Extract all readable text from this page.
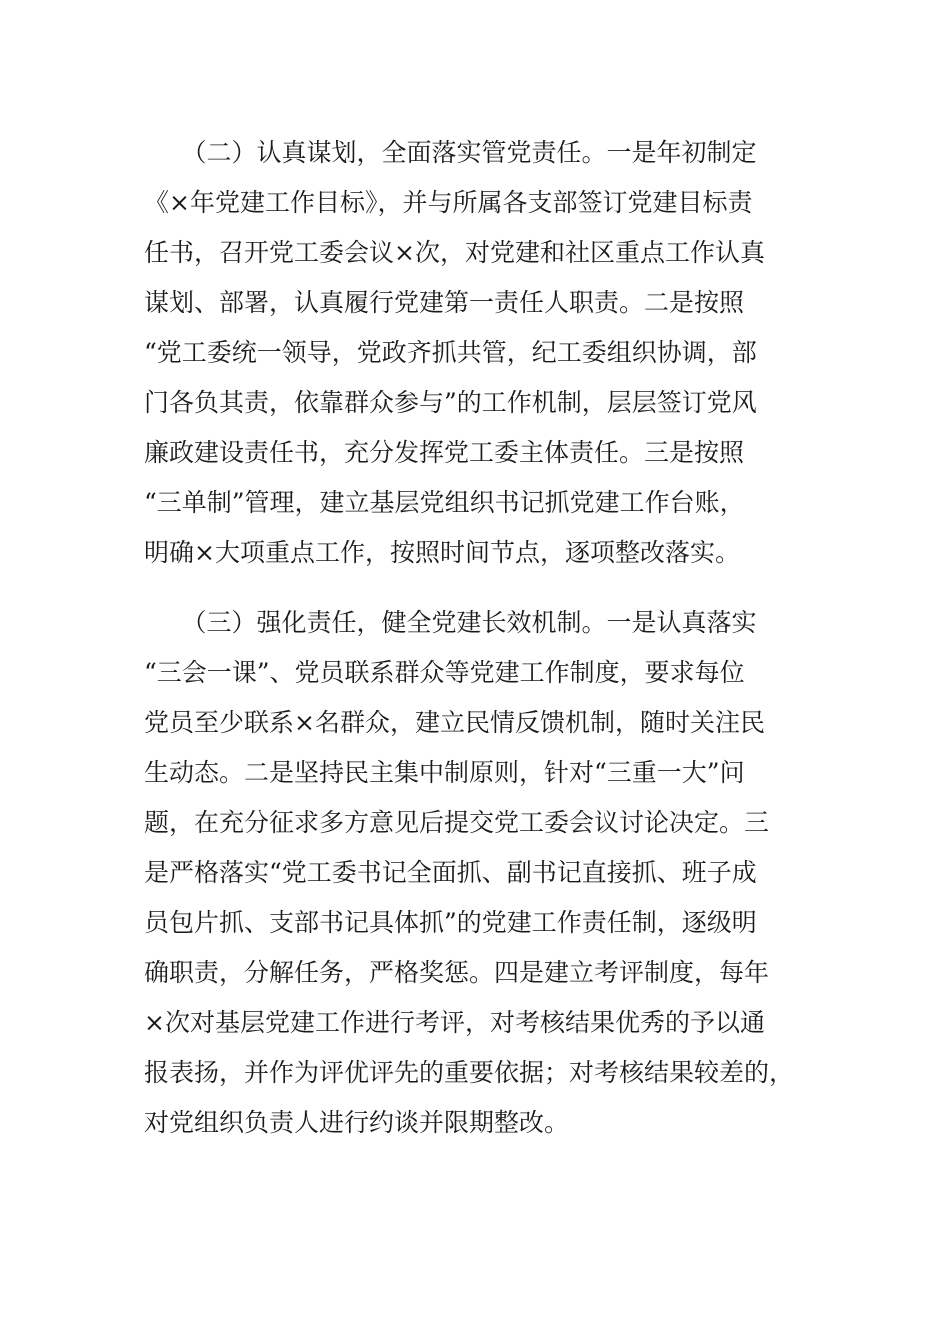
　　（二）认真谋划，全面落实管党责任。一是年初制定
《×年党建工作目标》，并与所属各支部签订党建目标责
任书，召开党工委会议×次，对党建和社区重点工作认真
谋划、部署，认真履行党建第一责任人职责。二是按照
“党工委统一领导，党政齐抓共管，纪工委组织协调，部
门各负其责，依靠群众参与”的工作机制，层层签订党风
廉政建设责任书，充分发挥党工委主体责任。三是按照
“三单制”管理，建立基层党组织书记抓党建工作台账，
明确×大项重点工作，按照时间节点，逐项整改落实。
　　（三）强化责任，健全党建长效机制。一是认真落实
“三会一课”、党员联系群众等党建工作制度，要求每位
党员至少联系×名群众，建立民情反馈机制，随时关注民
生动态。二是坚持民主集中制原则，针对“三重一大”问
题，在充分征求多方意见后提交党工委会议讨论决定。三
是严格落实“党工委书记全面抓、副书记直接抓、班子成
员包片抓、支部书记具体抓”的党建工作责任制，逐级明
确职责，分解任务，严格奖惩。四是建立考评制度，每年
×次对基层党建工作进行考评，对考核结果优秀的予以通
报表扬，并作为评优评先的重要依据；对考核结果较差的，
对党组织负责人进行约谈并限期整改。
